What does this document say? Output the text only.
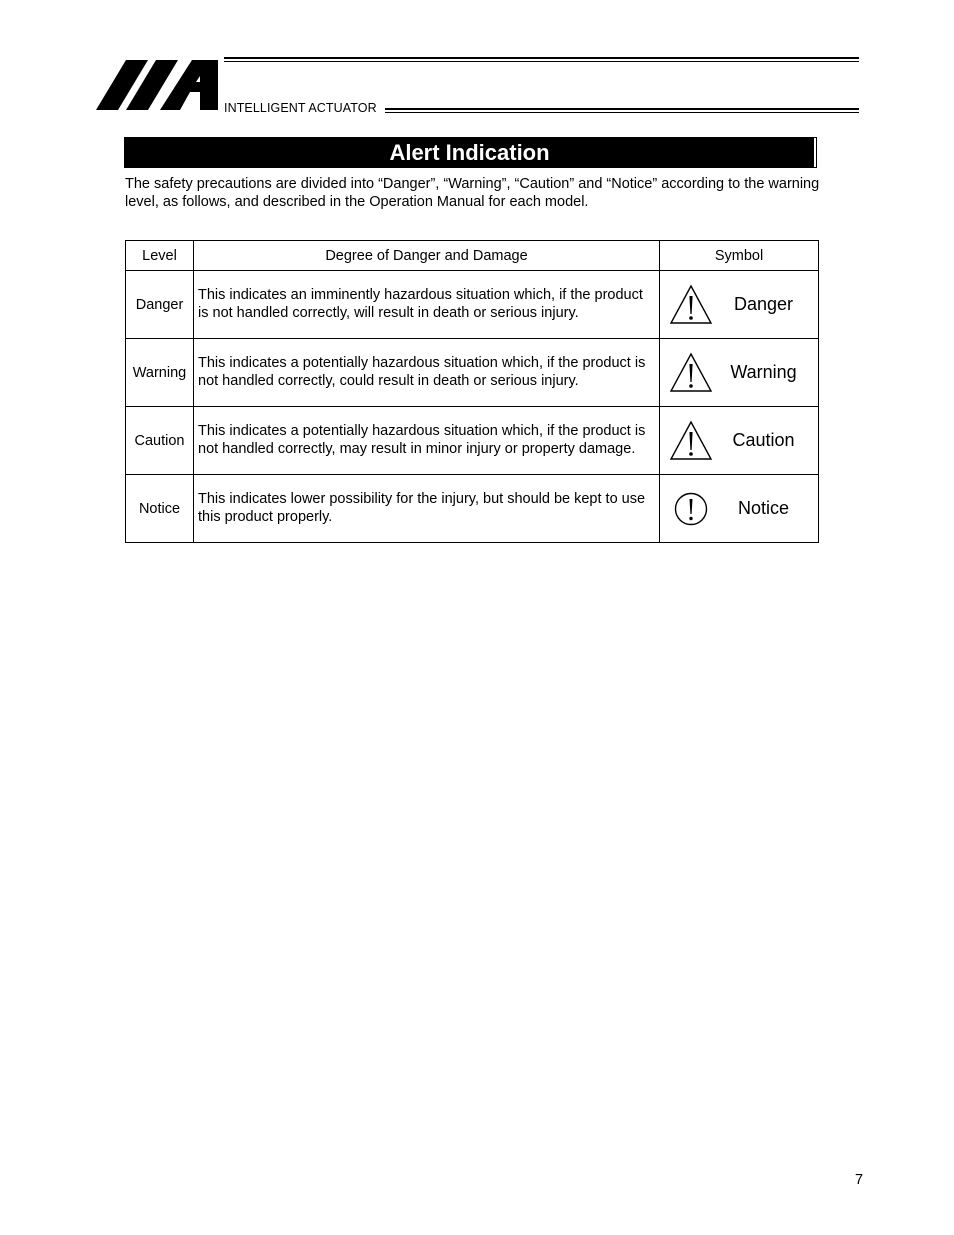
INTELLIGENT ACTUATOR
Alert Indication
The safety precautions are divided into “Danger”, “Warning”, “Caution” and “Notice” according to the warning level, as follows, and described in the Operation Manual for each model.
Level	Degree of Danger and Damage	Symbol
Danger	This indicates an imminently hazardous situation which, if the product is not handled correctly, will result in death or serious injury.	Danger

Warning	This indicates a potentially hazardous situation which, if the product is not handled correctly, could result in death or serious injury.	Warning

Caution	This indicates a potentially hazardous situation which, if the product is not handled correctly, may result in minor injury or property damage.	Caution

Notice	This indicates lower possibility for the injury, but should be kept to use this product properly.	Notice
7
